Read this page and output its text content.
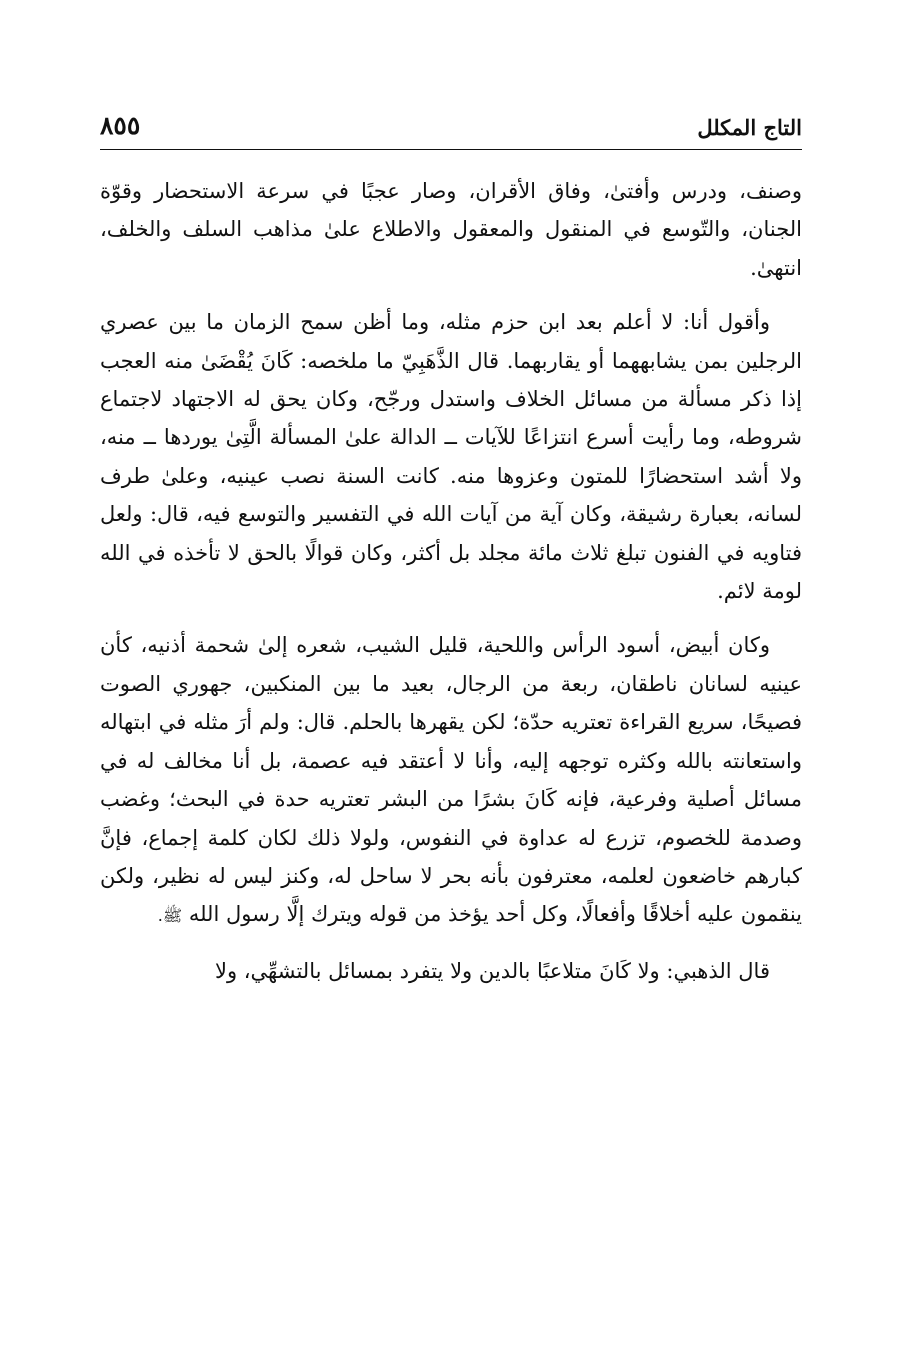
التاج المكلل
٨٥٥

وصنف، ودرس وأفتىٰ، وفاق الأقران، وصار عجبًا في سرعة الاستحضار وقوّة الجنان، والتّوسع في المنقول والمعقول والاطلاع علىٰ مذاهب السلف والخلف، انتهىٰ.

وأقول أنا: لا أعلم بعد ابن حزم مثله، وما أظن سمح الزمان ما بين عصري الرجلين بمن يشابههما أو يقاربهما. قال الذَّهَبِيّ ما ملخصه: كَانَ يُقْضَىٰ منه العجب إذا ذكر مسألة من مسائل الخلاف واستدل ورجّح، وكان يحق له الاجتهاد لاجتماع شروطه، وما رأيت أسرع انتزاعًا للآيات ــ الدالة علىٰ المسألة الَّتِىٰ يوردها ــ منه، ولا أشد استحضارًا للمتون وعزوها منه. كانت السنة نصب عينيه، وعلىٰ طرف لسانه، بعبارة رشيقة، وكان آية من آيات الله في التفسير والتوسع فيه، قال: ولعل فتاويه في الفنون تبلغ ثلاث مائة مجلد بل أكثر، وكان قوالًا بالحق لا تأخذه في الله لومة لائم.

وكان أبيض، أسود الرأس واللحية، قليل الشيب، شعره إلىٰ شحمة أذنيه، كأن عينيه لسانان ناطقان، ربعة من الرجال، بعيد ما بين المنكبين، جهوري الصوت فصيحًا، سريع القراءة تعتريه حدّة؛ لكن يقهرها بالحلم. قال: ولم أرَ مثله في ابتهاله واستعانته بالله وكثره توجهه إليه، وأنا لا أعتقد فيه عصمة، بل أنا مخالف له في مسائل أصلية وفرعية، فإنه كَانَ بشرًا من البشر تعتريه حدة في البحث؛ وغضب وصدمة للخصوم، تزرع له عداوة في النفوس، ولولا ذلك لكان كلمة إجماع، فإنَّ كبارهم خاضعون لعلمه، معترفون بأنه بحر لا ساحل له، وكنز ليس له نظير، ولكن ينقمون عليه أخلاقًا وأفعالًا، وكل أحد يؤخذ من قوله ويترك إلَّا رسول الله ﷺ.

قال الذهبي: ولا كَانَ متلاعبًا بالدين ولا يتفرد بمسائل بالتشهِّي، ولا
